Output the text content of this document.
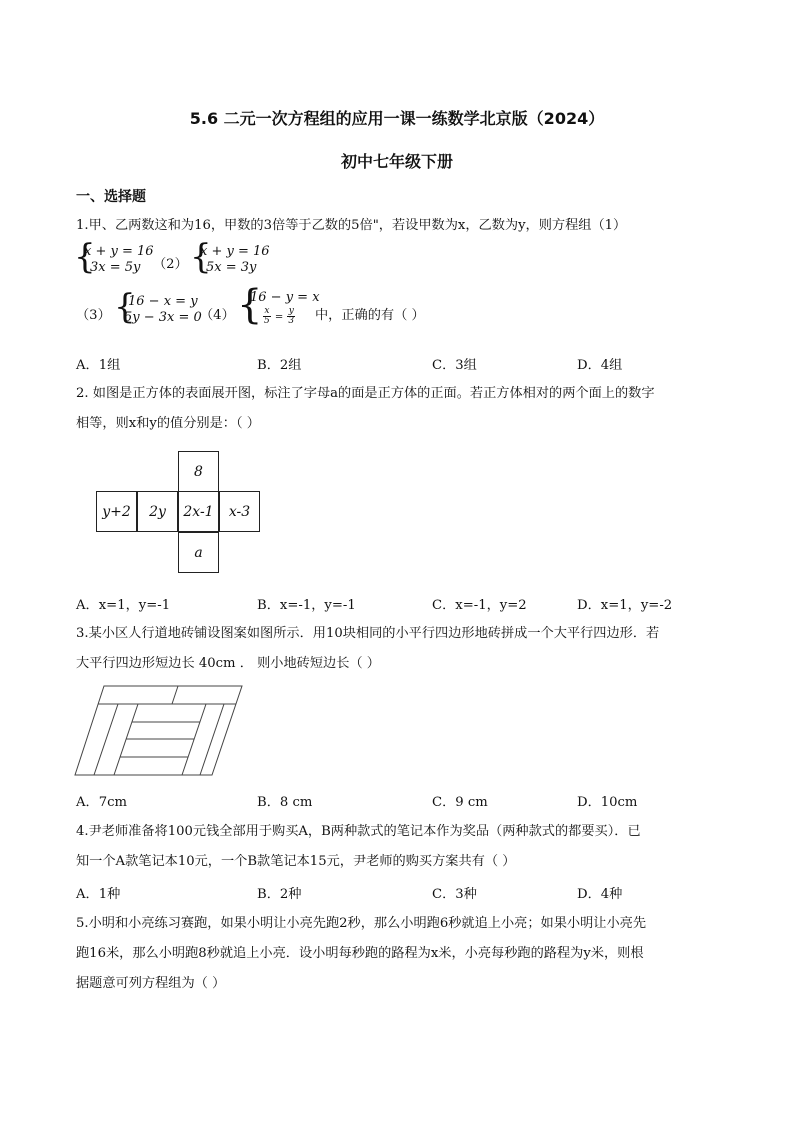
5.6 二元一次方程组的应用一课一练数学北京版（2024）
初中七年级下册
一、选择题
1.甲、乙两数这和为16，甲数的3倍等于乙数的5倍"，若设甲数为x，乙数为y，则方程组（1）
{
x + y = 16
3x = 5y （2） {
x + y = 16
5x = 3y
（3） {
16 − x = y
5y − 3x = 0
（4） {
16 − y = x
$\frac{x}{5} = \frac{y}{3}$ 中，正确的有（ ）
A．1组	B．2组	C．3组	D．4组
2. 如图是正方体的表面展开图，标注了字母a的面是正方体的正面。若正方体相对的两个面上的数字
相等，则x和y的值分别是：（ ）
8
y+2	2y	2x-1	x-3
a
A．x=1，y=-1	B．x=-1，y=-1	C．x=-1，y=2	D．x=1，y=-2
3.某小区人行道地砖铺设图案如图所示．用10块相同的小平行四边形地砖拼成一个大平行四边形．若
大平行四边形短边长 40cm ． 则小地砖短边长（ ）
A．7cm	B．8 cm	C．9 cm	D．10cm
4.尹老师准备将100元钱全部用于购买A，B两种款式的笔记本作为奖品（两种款式的都要买）．已
知一个A款笔记本10元，一个B款笔记本15元，尹老师的购买方案共有（ ）
A．1种	B．2种	C．3种	D．4种
5.小明和小亮练习赛跑，如果小明让小亮先跑2秒，那么小明跑6秒就追上小亮；如果小明让小亮先
跑16米，那么小明跑8秒就追上小亮．设小明每秒跑的路程为x米，小亮每秒跑的路程为y米，则根
据题意可列方程组为（ ）
